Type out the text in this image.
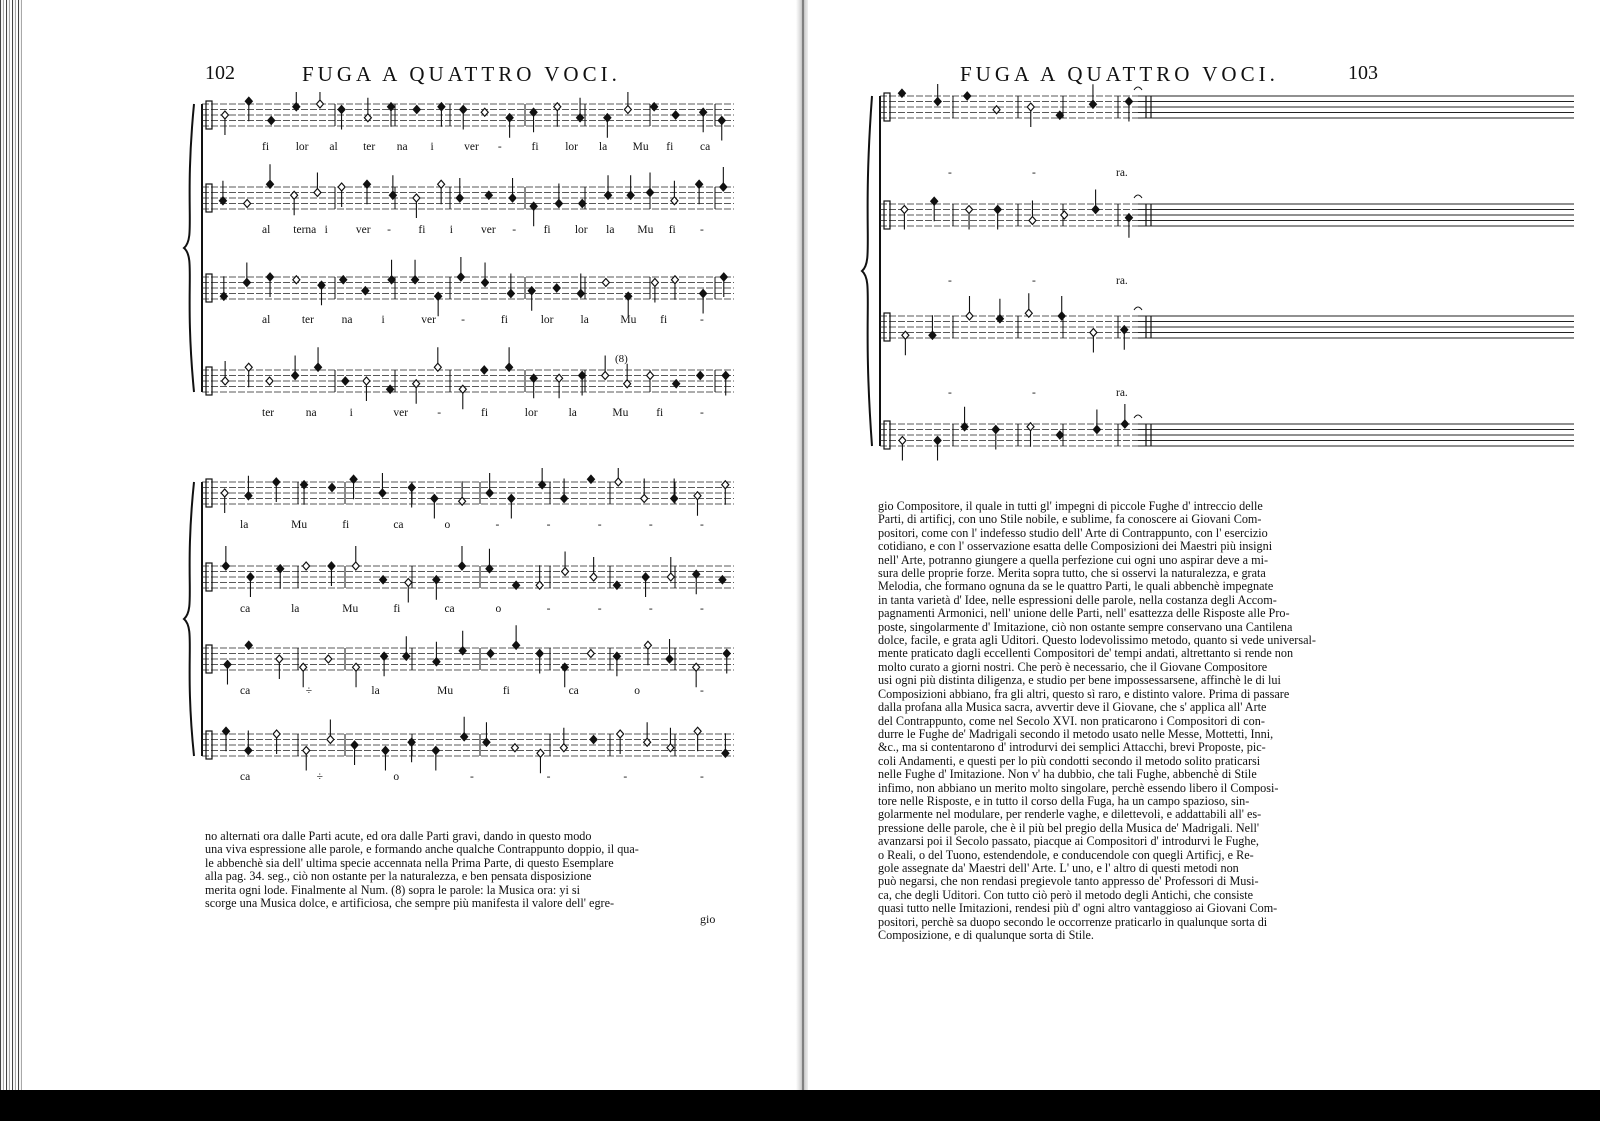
102	FUGA A QUATTRO VOCI.
fi lor al ter na i	ver -	fi lor la Mu fi ca
al terna i ver - fi i ver - fi lor la Mu fi -
al	ter na	i	ver -	fi	lor la	Mu fi	-
ter	na	i	ver	-	fi	lor	la	Mu fi	-
(8)
la	Mu	fi	ca	o	-	-	-	-	-
ca	la	Mu	fi	ca	o	-	-	-	-
ca	÷	la	Mu	fi	ca	o	-
ca	÷	o	-	-	-	-

no alternati ora dalle Parti acute, ed ora dalle Parti gravi, dando in questo modo

una viva espressione alle parole, e formando anche qualche Contrappunto doppio, il qua-

le abbenchè sia dell' ultima specie accennata nella Prima Parte, di questo Esemplare

alla pag. 34. seg., ciò non ostante per la naturalezza, e ben pensata disposizione

merita ogni lode. Finalmente al Num. (8) sopra le parole: la Musica ora: yi si

scorge una Musica dolce, e artificiosa, che sempre più manifesta il valore dell' egre-

gio
FUGA A QUATTRO VOCI.	103
-	-	ra.
-	-	ra.
-	-	ra.

gio Compositore, il quale in tutti gl' impegni di piccole Fughe d' intreccio delle

Parti, di artificj, con uno Stile nobile, e sublime, fa conoscere ai Giovani Com-

positori, come con l' indefesso studio dell' Arte di Contrappunto, con l' esercizio

cotidiano, e con l' osservazione esatta delle Composizioni dei Maestri più insigni

nell' Arte, potranno giungere a quella perfezione cui ogni uno aspirar deve a mi-

sura delle proprie forze. Merita sopra tutto, che si osservi la naturalezza, e grata

Melodia, che formano ognuna da se le quattro Parti, le quali abbenchè impegnate

in tanta varietà d' Idee, nelle espressioni delle parole, nella costanza degli Accom-

pagnamenti Armonici, nell' unione delle Parti, nell' esattezza delle Risposte alle Pro-

poste, singolarmente d' Imitazione, ciò non ostante sempre conservano una Cantilena

dolce, facile, e grata agli Uditori. Questo lodevolissimo metodo, quanto si vede universal-

mente praticato dagli eccellenti Compositori de' tempi andati, altrettanto si rende non

molto curato a giorni nostri. Che però è necessario, che il Giovane Compositore

usi ogni più distinta diligenza, e studio per bene impossessarsene, affinchè le di lui

Composizioni abbiano, fra gli altri, questo sì raro, e distinto valore. Prima di passare

dalla profana alla Musica sacra, avvertir deve il Giovane, che s' applica all' Arte

del Contrappunto, come nel Secolo XVI. non praticarono i Compositori di con-

durre le Fughe de' Madrigali secondo il metodo usato nelle Messe, Mottetti, Inni,

&c., ma si contentarono d' introdurvi dei semplici Attacchi, brevi Proposte, pic-

coli Andamenti, e questi per lo più condotti secondo il metodo solito praticarsi

nelle Fughe d' Imitazione. Non v' ha dubbio, che tali Fughe, abbenchè di Stile

infimo, non abbiano un merito molto singolare, perchè essendo libero il Composi-

tore nelle Risposte, e in tutto il corso della Fuga, ha un campo spazioso, sin-

golarmente nel modulare, per renderle vaghe, e dilettevoli, e addattabili all' es-

pressione delle parole, che è il più bel pregio della Musica de' Madrigali. Nell'

avanzarsi poi il Secolo passato, piacque ai Compositori d' introdurvi le Fughe,

o Reali, o del Tuono, estendendole, e conducendole con quegli Artificj, e Re-

gole assegnate da' Maestri dell' Arte. L' uno, e l' altro di questi metodi non

può negarsi, che non rendasi pregievole tanto appresso de' Professori di Musi-

ca, che degli Uditori. Con tutto ciò però il metodo degli Antichi, che consiste

quasi tutto nelle Imitazioni, rendesi più d' ogni altro vantaggioso ai Giovani Com-

positori, perchè sa duopo secondo le occorrenze praticarlo in qualunque sorta di

Composizione, e di qualunque sorta di Stile.
